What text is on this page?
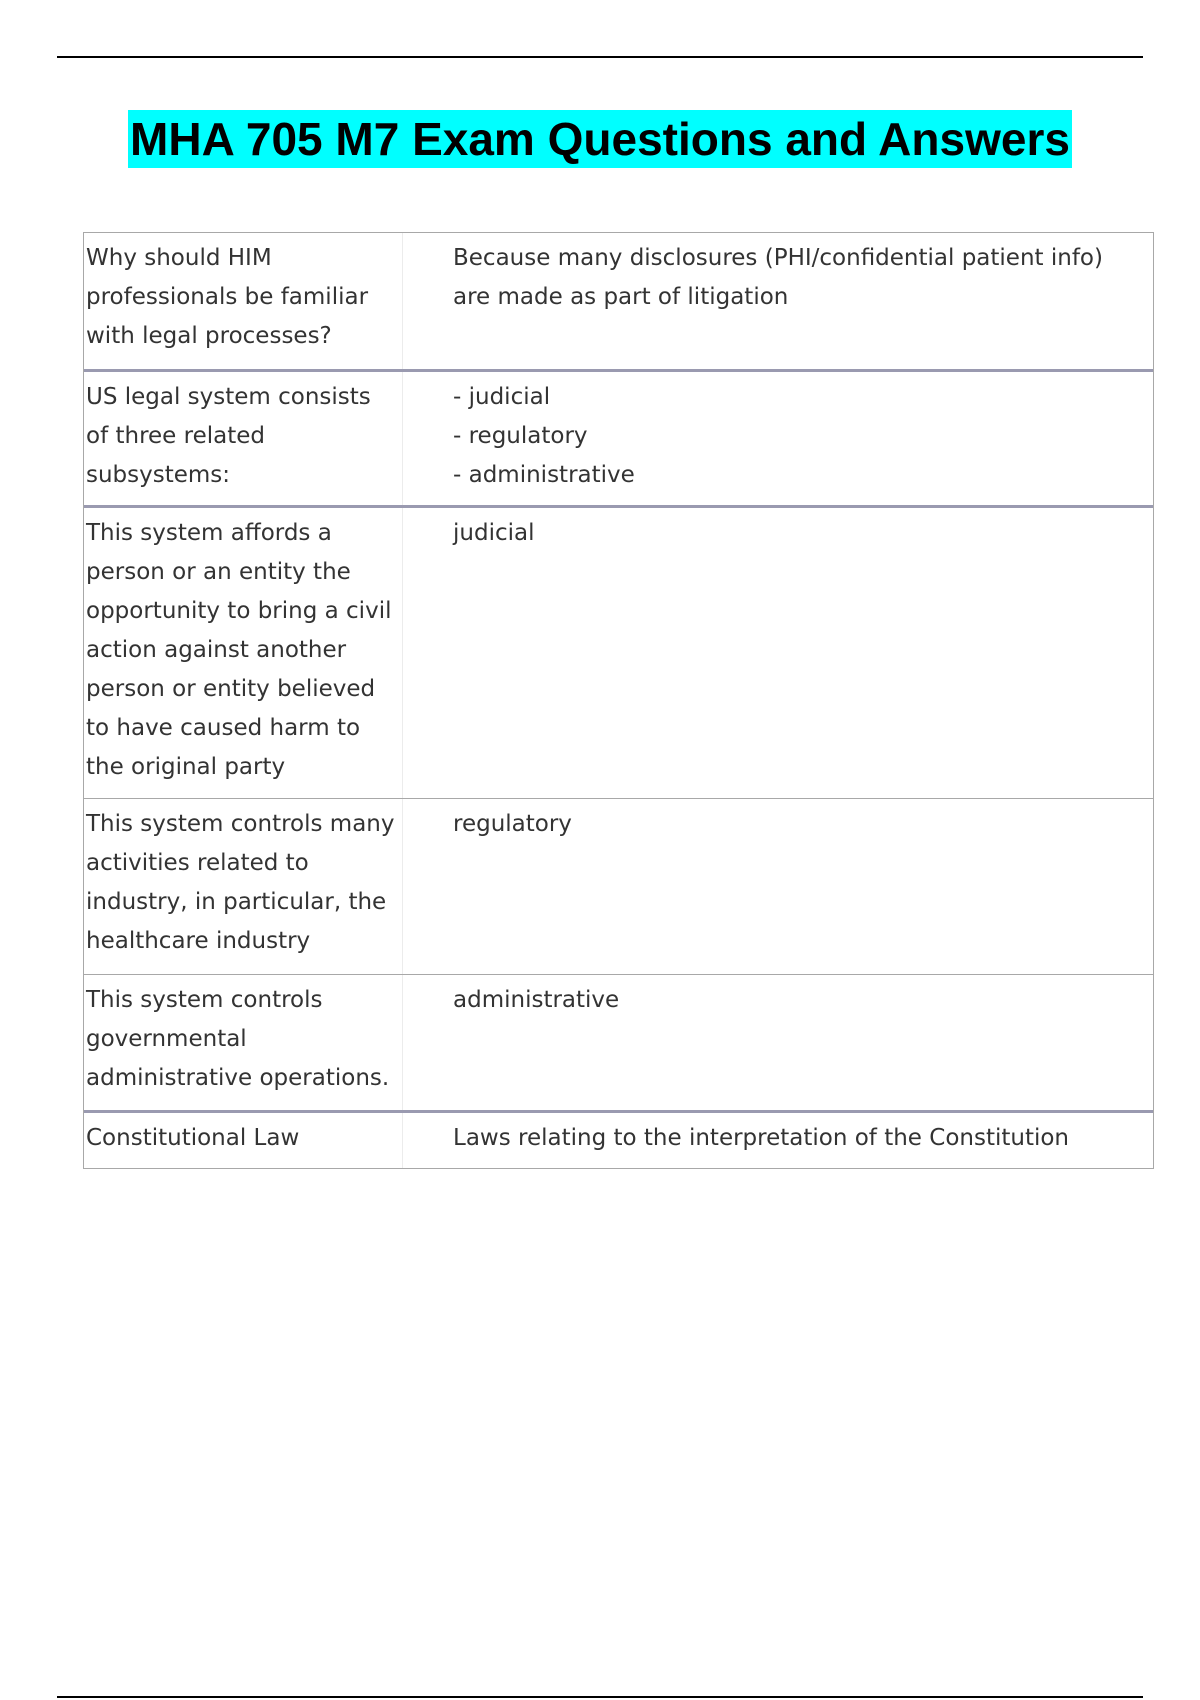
MHA 705 M7 Exam Questions and Answers
Why should HIM professionals be familiar with legal processes?
Because many disclosures (PHI/confidential patient info) are made as part of litigation
US legal system consists of three related subsystems:
- judicial
- regulatory
- administrative
This system affords a person or an entity the opportunity to bring a civil action against another person or entity believed to have caused harm to the original party
judicial
This system controls many activities related to industry, in particular, the healthcare industry
regulatory
This system controls governmental administrative operations.
administrative
Constitutional Law	Laws relating to the interpretation of the Constitution
